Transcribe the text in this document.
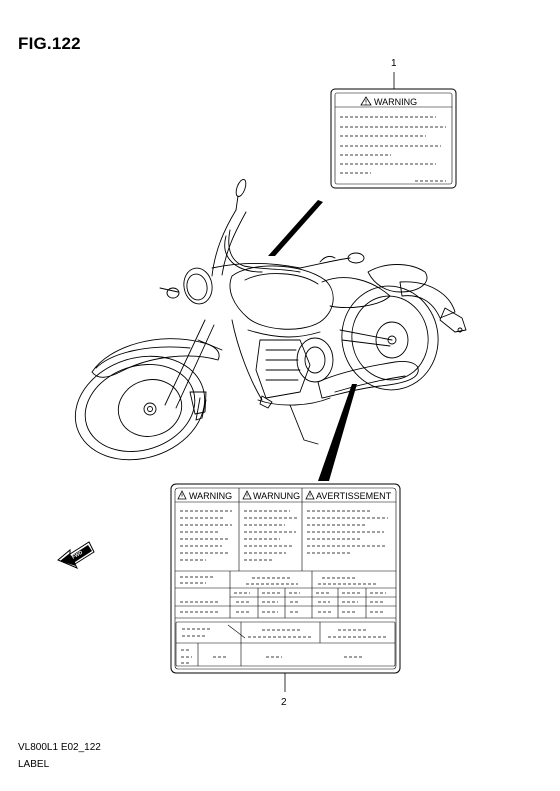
FIG.122
1
2
WARNING
WARNING WARNUNG AVERTISSEMENT
FWD
VL800L1 E02_122
LABEL
